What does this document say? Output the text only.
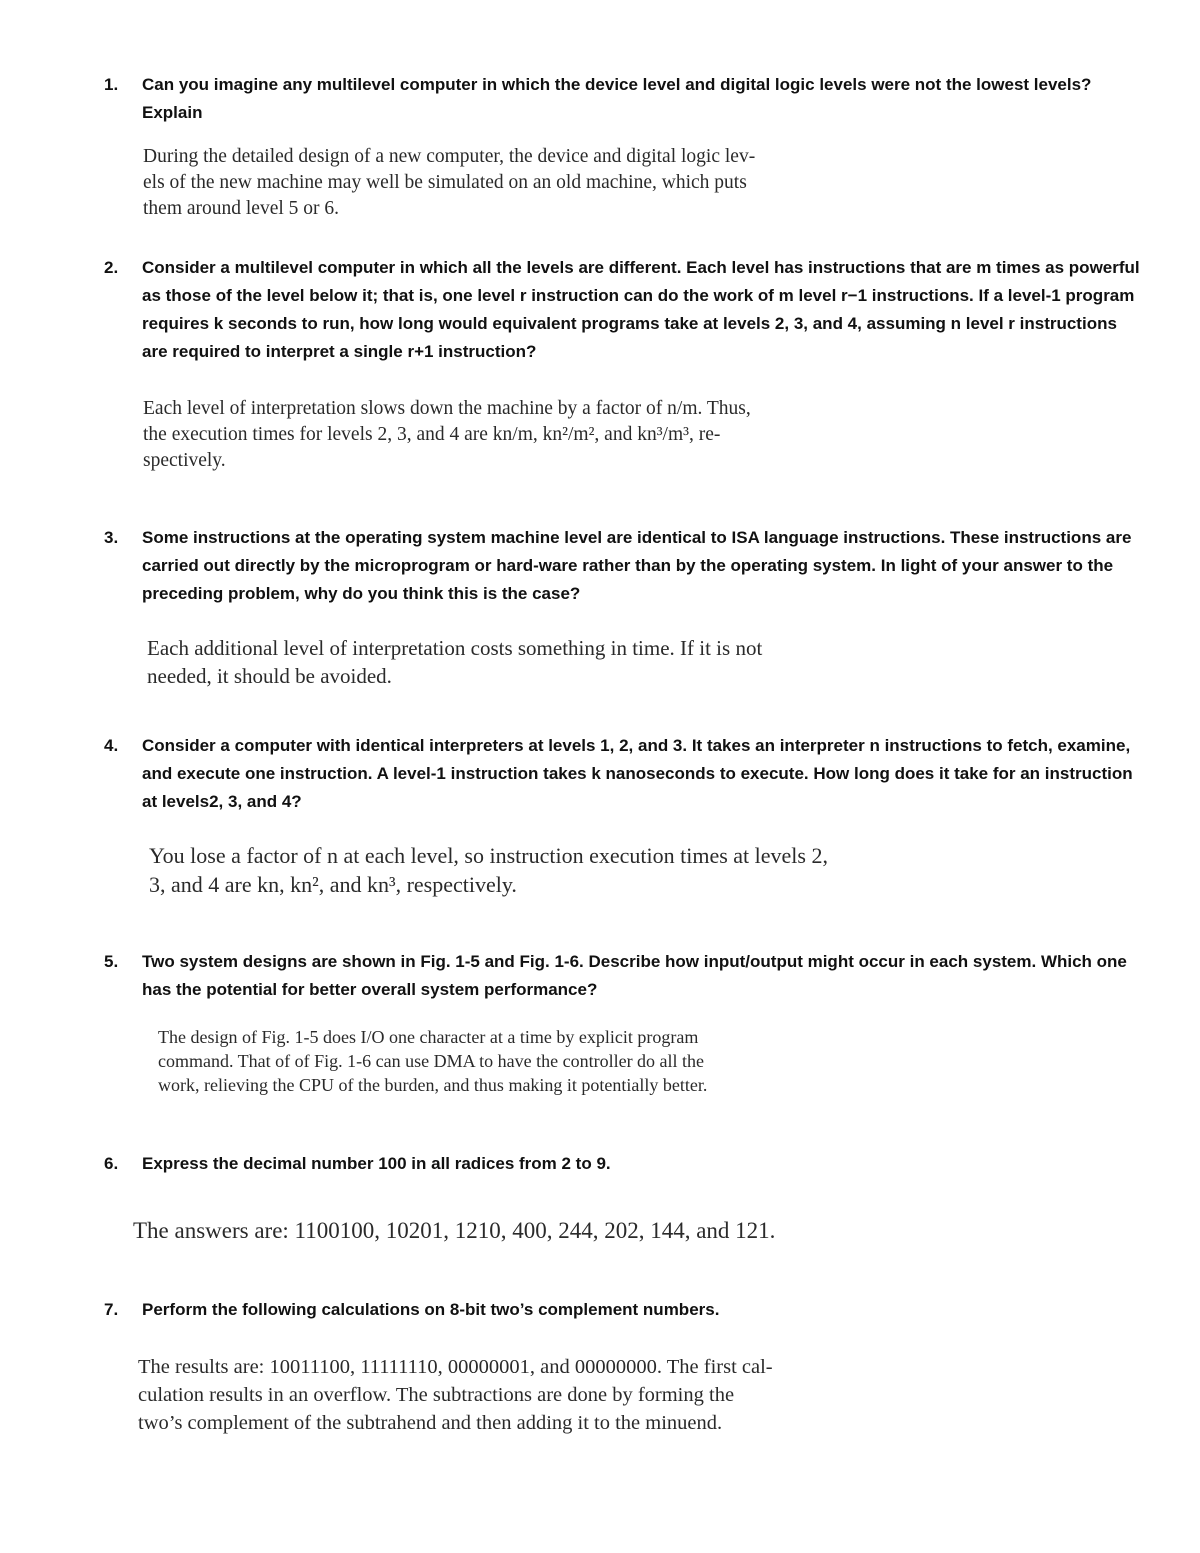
1.	Can you imagine any multilevel computer in which the device level and digital logic levels were not the lowest levels? Explain
During the detailed design of a new computer, the device and digital logic lev-
els of the new machine may well be simulated on an old machine, which puts
them around level 5 or 6.
2.	Consider a multilevel computer in which all the levels are different. Each level has instructions that are m times as powerful as those of the level below it; that is, one level r instruction can do the work of m level r−1 instructions. If a level-1 program requires k seconds to run, how long would equivalent programs take at levels 2, 3, and 4, assuming n level r instructions are required to interpret a single r+1 instruction?
Each level of interpretation slows down the machine by a factor of n/m. Thus,
the execution times for levels 2, 3, and 4 are kn/m, kn²/m², and kn³/m³, re-
spectively.
3.	Some instructions at the operating system machine level are identical to ISA language instructions. These instructions are carried out directly by the microprogram or hard-ware rather than by the operating system. In light of your answer to the preceding problem, why do you think this is the case?
Each additional level of interpretation costs something in time. If it is not
needed, it should be avoided.
4.	Consider a computer with identical interpreters at levels 1, 2, and 3. It takes an interpreter n instructions to fetch, examine, and execute one instruction. A level-1 instruction takes k nanoseconds to execute. How long does it take for an instruction at levels2, 3, and 4?
You lose a factor of n at each level, so instruction execution times at levels 2,
3, and 4 are kn, kn², and kn³, respectively.
5.	Two system designs are shown in Fig. 1-5 and Fig. 1-6. Describe how input/output might occur in each system. Which one has the potential for better overall system performance?
The design of Fig. 1-5 does I/O one character at a time by explicit program
command. That of of Fig. 1-6 can use DMA to have the controller do all the
work, relieving the CPU of the burden, and thus making it potentially better.
6.	Express the decimal number 100 in all radices from 2 to 9.
The answers are: 1100100, 10201, 1210, 400, 244, 202, 144, and 121.
7.	Perform the following calculations on 8-bit two’s complement numbers.
The results are: 10011100, 11111110, 00000001, and 00000000. The first cal-
culation results in an overflow. The subtractions are done by forming the
two’s complement of the subtrahend and then adding it to the minuend.
